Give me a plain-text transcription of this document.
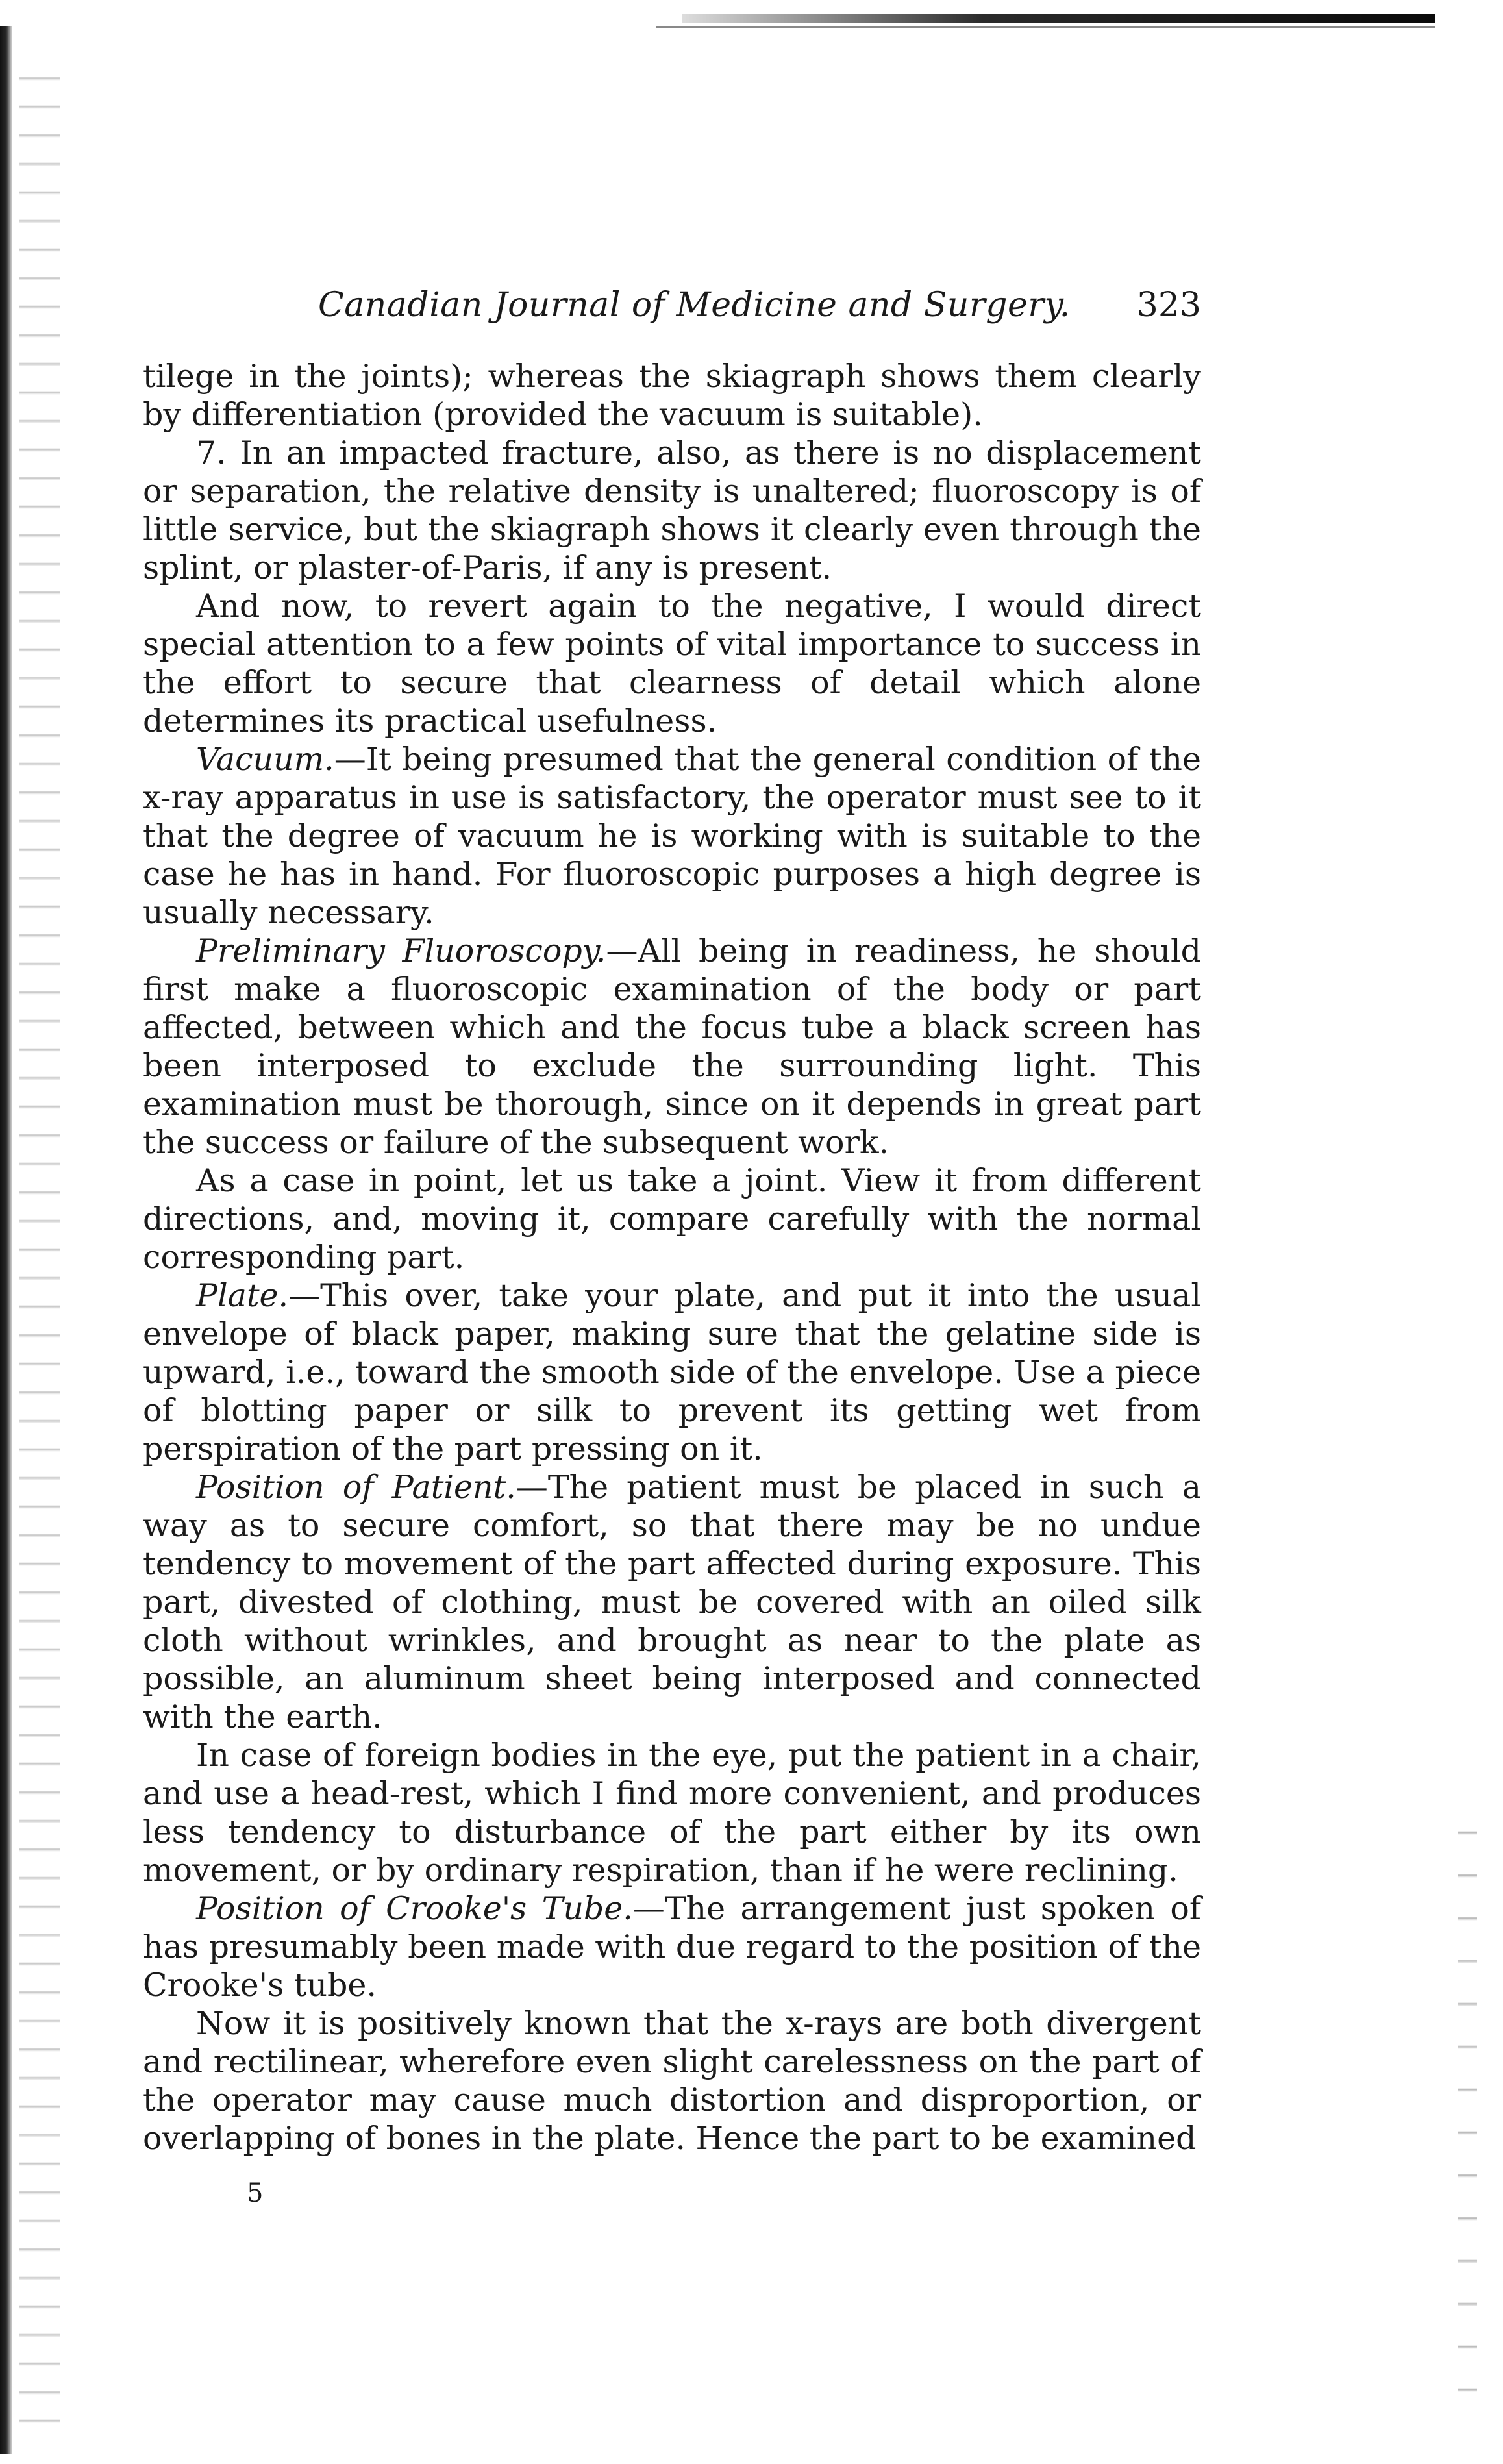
Canadian Journal of Medicine and Surgery. 323

tilege in the joints); whereas the skiagraph shows them clearly by differentiation (provided the vacuum is suitable).

7. In an impacted fracture, also, as there is no displacement or separation, the relative density is unaltered; fluoroscopy is of little service, but the skiagraph shows it clearly even through the splint, or plaster-of-Paris, if any is present.

And now, to revert again to the negative, I would direct special attention to a few points of vital importance to success in the effort to secure that clearness of detail which alone determines its practical usefulness.

Vacuum.—It being presumed that the general condition of the x-ray apparatus in use is satisfactory, the operator must see to it that the degree of vacuum he is working with is suitable to the case he has in hand. For fluoroscopic purposes a high degree is usually necessary.

Preliminary Fluoroscopy.—All being in readiness, he should first make a fluoroscopic examination of the body or part affected, between which and the focus tube a black screen has been interposed to exclude the surrounding light. This examination must be thorough, since on it depends in great part the success or failure of the subsequent work.

As a case in point, let us take a joint. View it from different directions, and, moving it, compare carefully with the normal corresponding part.

Plate.—This over, take your plate, and put it into the usual envelope of black paper, making sure that the gelatine side is upward, i.e., toward the smooth side of the envelope. Use a piece of blotting paper or silk to prevent its getting wet from perspiration of the part pressing on it.

Position of Patient.—The patient must be placed in such a way as to secure comfort, so that there may be no undue tendency to movement of the part affected during exposure. This part, divested of clothing, must be covered with an oiled silk cloth without wrinkles, and brought as near to the plate as possible, an aluminum sheet being interposed and connected with the earth.

In case of foreign bodies in the eye, put the patient in a chair, and use a head-rest, which I find more convenient, and produces less tendency to disturbance of the part either by its own movement, or by ordinary respiration, than if he were reclining.

Position of Crooke's Tube.—The arrangement just spoken of has presumably been made with due regard to the position of the Crooke's tube.

Now it is positively known that the x-rays are both divergent and rectilinear, wherefore even slight carelessness on the part of the operator may cause much distortion and disproportion, or overlapping of bones in the plate. Hence the part to be examined

5
